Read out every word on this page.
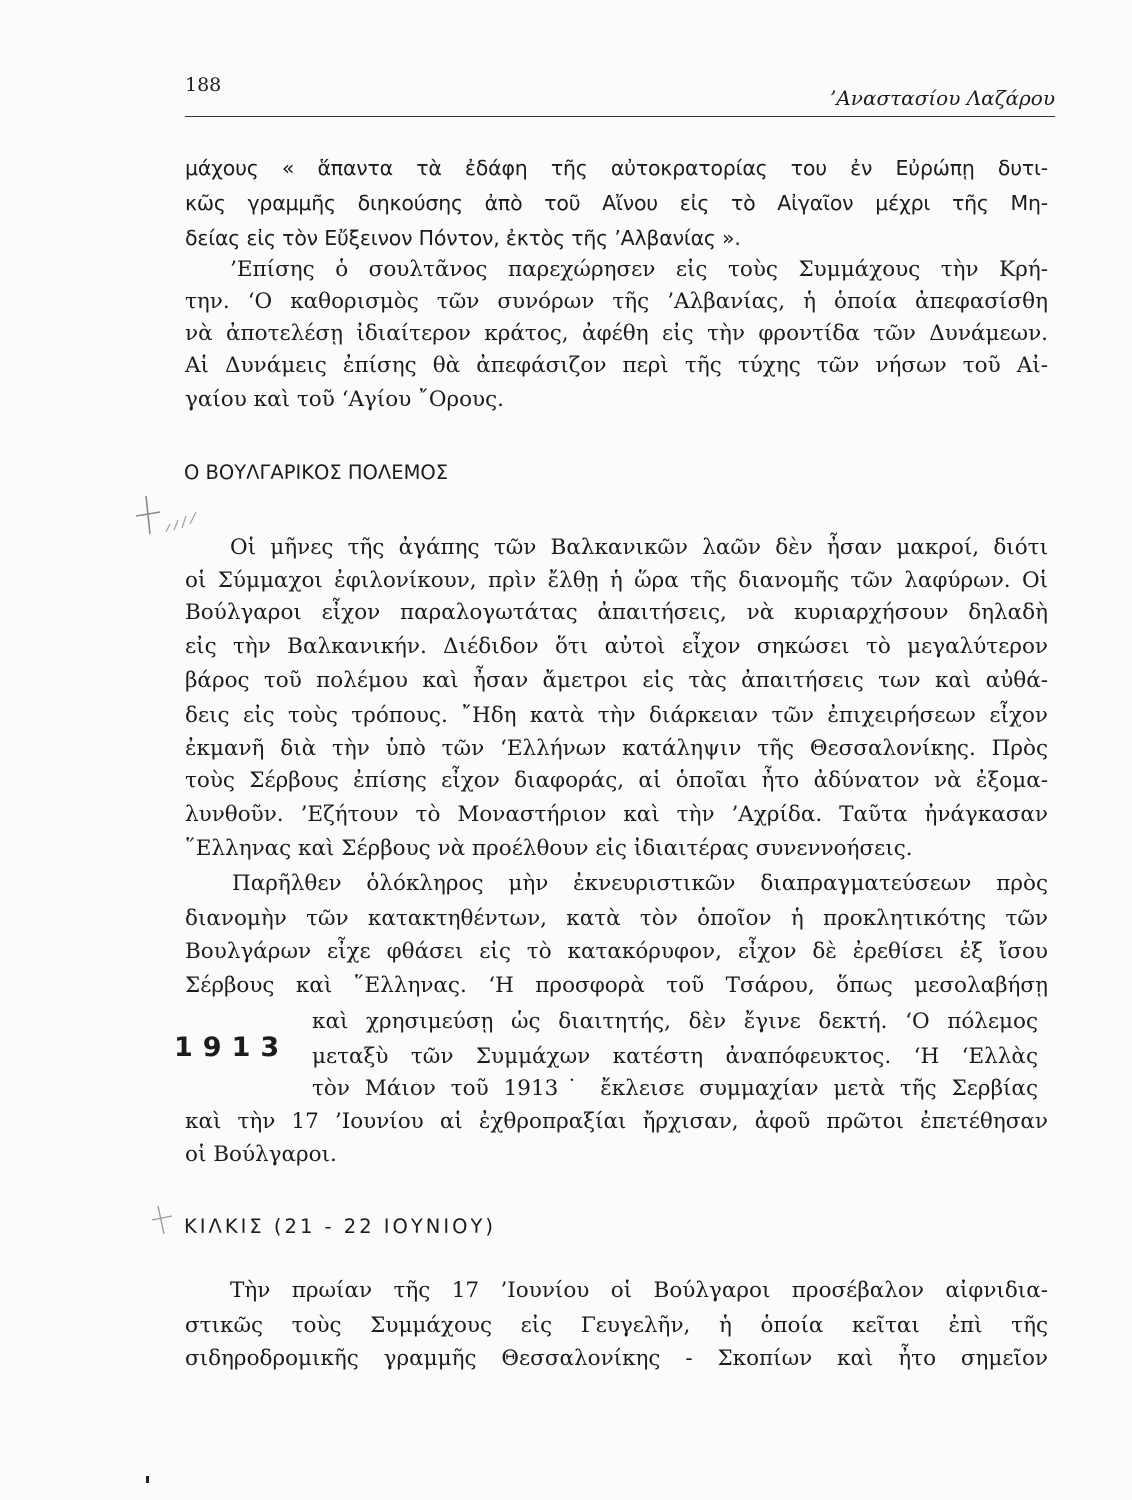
188
’Αναστασίου Λαζάρου
μάχους « ἅπαντα τὰ ἐδάφη τῆς αὐτοκρατορίας του ἐν Εὐρώπῃ δυτι-
κῶς γραμμῆς διηκούσης ἀπὸ τοῦ Αἴνου εἰς τὸ Αἰγαῖον μέχρι τῆς Μη-
δείας εἰς τὸν Εὔξεινον Πόντον, ἐκτὸς τῆς ’Αλβανίας ».
’Επίσης ὁ σουλτᾶνος παρεχώρησεν εἰς τοὺς Συμμάχους τὴν Κρή-
την. ‘Ο καθορισμὸς τῶν συνόρων τῆς ’Αλβανίας, ἡ ὁποία ἀπεφασίσθη
νὰ ἀποτελέσῃ ἰδιαίτερον κράτος, ἀφέθη εἰς τὴν φροντίδα τῶν Δυνάμεων.
Αἱ Δυνάμεις ἐπίσης θὰ ἀπεφάσιζον περὶ τῆς τύχης τῶν νήσων τοῦ Αἰ-
γαίου καὶ τοῦ ‘Αγίου ῎Ορους.
Ο ΒΟΥΛΓΑΡΙΚΟΣ ΠΟΛΕΜΟΣ
Οἱ μῆνες τῆς ἀγάπης τῶν Βαλκανικῶν λαῶν δὲν ἦσαν μακροί, διότι
οἱ Σύμμαχοι ἐφιλονίκουν, πρὶν ἔλθῃ ἡ ὥρα τῆς διανομῆς τῶν λαφύρων. Οἱ
Βούλγαροι εἶχον παραλογωτάτας ἀπαιτήσεις, νὰ κυριαρχήσουν δηλαδὴ
εἰς τὴν Βαλκανικήν. Διέδιδον ὅτι αὐτοὶ εἶχον σηκώσει τὸ μεγαλύτερον
βάρος τοῦ πολέμου καὶ ἦσαν ἄμετροι εἰς τὰς ἀπαιτήσεις των καὶ αὐθά-
δεις εἰς τοὺς τρόπους. ῎Ηδη κατὰ τὴν διάρκειαν τῶν ἐπιχειρήσεων εἶχον
ἐκμανῆ διὰ τὴν ὑπὸ τῶν ‘Ελλήνων κατάληψιν τῆς Θεσσαλονίκης. Πρὸς
τοὺς Σέρβους ἐπίσης εἶχον διαφοράς, αἱ ὁποῖαι ἦτο ἀδύνατον νὰ ἐξομα-
λυνθοῦν. ’Εζήτουν τὸ Μοναστήριον καὶ τὴν ’Αχρίδα. Ταῦτα ἠνάγκασαν
῞Ελληνας καὶ Σέρβους νὰ προέλθουν εἰς ἰδιαιτέρας συνεννοήσεις.
Παρῆλθεν ὁλόκληρος μὴν ἐκνευριστικῶν διαπραγματεύσεων πρὸς
διανομὴν τῶν κατακτηθέντων, κατὰ τὸν ὁποῖον ἡ προκλητικότης τῶν
Βουλγάρων εἶχε φθάσει εἰς τὸ κατακόρυφον, εἶχον δὲ ἐρεθίσει ἐξ ἴσου
Σέρβους καὶ ῞Ελληνας. ‘Η προσφορὰ τοῦ Τσάρου, ὅπως μεσολαβήσῃ
1913
καὶ χρησιμεύσῃ ὡς διαιτητής, δὲν ἔγινε δεκτή. ‘Ο πόλεμος
μεταξὺ τῶν Συμμάχων κατέστη ἀναπόφευκτος. ‘Η ‘Ελλὰς
τὸν Μάιον τοῦ 1913˙ ἔκλεισε συμμαχίαν μετὰ τῆς Σερβίας
καὶ τὴν 17 ’Ιουνίου αἱ ἐχθροπραξίαι ἤρχισαν, ἀφοῦ πρῶτοι ἐπετέθησαν
οἱ Βούλγαροι.
ΚΙΛΚΙΣ (21 - 22 ΙΟΥΝΙΟΥ)
Τὴν πρωίαν τῆς 17 ’Ιουνίου οἱ Βούλγαροι προσέβαλον αἰφνιδια-
στικῶς τοὺς Συμμάχους εἰς Γευγελῆν, ἡ ὁποία κεῖται ἐπὶ τῆς
σιδηροδρομικῆς γραμμῆς Θεσσαλονίκης - Σκοπίων καὶ ἦτο σημεῖον
